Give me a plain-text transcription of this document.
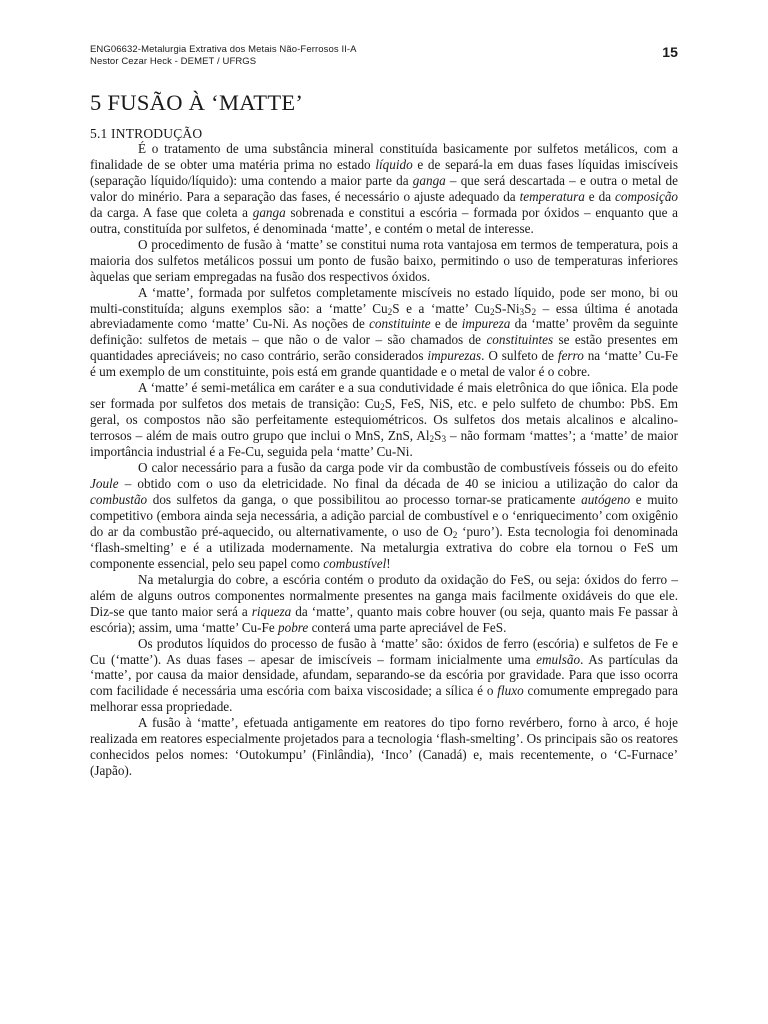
ENG06632-Metalurgia Extrativa dos Metais Não-Ferrosos II-A
Nestor Cezar Heck - DEMET / UFRGS
15
5 FUSÃO À ‘MATTE’
5.1 INTRODUÇÃO

É o tratamento de uma substância mineral constituída basicamente por sulfetos metálicos, com a finalidade de se obter uma matéria prima no estado líquido e de separá-la em duas fases líquidas imiscíveis (separação líquido/líquido): uma contendo a maior parte da ganga – que será descartada – e outra o metal de valor do minério. Para a separação das fases, é necessário o ajuste adequado da temperatura e da composição da carga. A fase que coleta a ganga sobrenada e constitui a escória – formada por óxidos – enquanto que a outra, constituída por sulfetos, é denominada ‘matte’, e contém o metal de interesse.

O procedimento de fusão à ‘matte’ se constitui numa rota vantajosa em termos de temperatura, pois a maioria dos sulfetos metálicos possui um ponto de fusão baixo, permitindo o uso de temperaturas inferiores àquelas que seriam empregadas na fusão dos respectivos óxidos.

A ‘matte’, formada por sulfetos completamente miscíveis no estado líquido, pode ser mono, bi ou multi-constituída; alguns exemplos são: a ‘matte’ $Cu_2S$ e a ‘matte’ $Cu_2S-Ni_3S_2$ – essa última é anotada abreviadamente como ‘matte’ Cu-Ni. As noções de constituinte e de impureza da ‘matte’ provêm da seguinte definição: sulfetos de metais – que não o de valor – são chamados de constituintes se estão presentes em quantidades apreciáveis; no caso contrário, serão considerados impurezas. O sulfeto de ferro na ‘matte’ Cu-Fe é um exemplo de um constituinte, pois está em grande quantidade e o metal de valor é o cobre.

A ‘matte’ é semi-metálica em caráter e a sua condutividade é mais eletrônica do que iônica. Ela pode ser formada por sulfetos dos metais de transição: $Cu_2S$, FeS, NiS, etc. e pelo sulfeto de chumbo: PbS. Em geral, os compostos não são perfeitamente estequiométricos. Os sulfetos dos metais alcalinos e alcalino-terrosos – além de mais outro grupo que inclui o MnS, ZnS, $Al_2S_3$ – não formam ‘mattes’; a ‘matte’ de maior importância industrial é a Fe-Cu, seguida pela ‘matte’ Cu-Ni.

O calor necessário para a fusão da carga pode vir da combustão de combustíveis fósseis ou do efeito Joule – obtido com o uso da eletricidade. No final da década de 40 se iniciou a utilização do calor da combustão dos sulfetos da ganga, o que possibilitou ao processo tornar-se praticamente autógeno e muito competitivo (embora ainda seja necessária, a adição parcial de combustível e o ‘enriquecimento’ com oxigênio do ar da combustão pré-aquecido, ou alternativamente, o uso de $O_2$ ‘puro’). Esta tecnologia foi denominada ‘flash-smelting’ e é a utilizada modernamente. Na metalurgia extrativa do cobre ela tornou o FeS um componente essencial, pelo seu papel como combustível!

Na metalurgia do cobre, a escória contém o produto da oxidação do FeS, ou seja: óxidos do ferro – além de alguns outros componentes normalmente presentes na ganga mais facilmente oxidáveis do que ele. Diz-se que tanto maior será a riqueza da ‘matte’, quanto mais cobre houver (ou seja, quanto mais Fe passar à escória); assim, uma ‘matte’ Cu-Fe pobre conterá uma parte apreciável de FeS.

Os produtos líquidos do processo de fusão à ‘matte’ são: óxidos de ferro (escória) e sulfetos de Fe e Cu (‘matte’). As duas fases – apesar de imiscíveis – formam inicialmente uma emulsão. As partículas da ‘matte’, por causa da maior densidade, afundam, separando-se da escória por gravidade. Para que isso ocorra com facilidade é necessária uma escória com baixa viscosidade; a sílica é o fluxo comumente empregado para melhorar essa propriedade.

A fusão à ‘matte’, efetuada antigamente em reatores do tipo forno revérbero, forno à arco, é hoje realizada em reatores especialmente projetados para a tecnologia ‘flash-smelting’. Os principais são os reatores conhecidos pelos nomes: ‘Outokumpu’ (Finlândia), ‘Inco’ (Canadá) e, mais recentemente, o ‘C-Furnace’ (Japão).
